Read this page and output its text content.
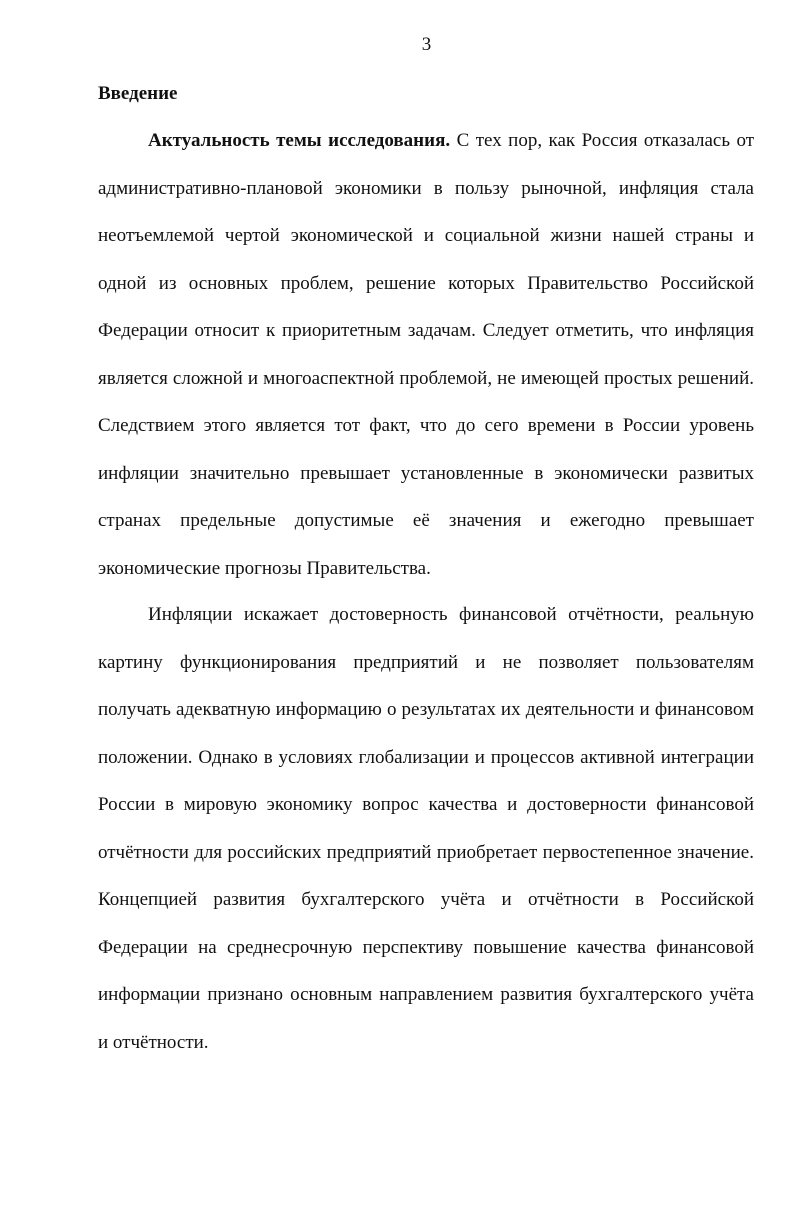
3
Введение

Актуальность темы исследования. С тех пор, как Россия отказалась от административно-плановой экономики в пользу рыночной, инфляция стала неотъемлемой чертой экономической и социальной жизни нашей страны и одной из основных проблем, решение которых Правительство Российской Федерации относит к приоритетным задачам. Следует отметить, что инфляция является сложной и многоаспектной проблемой, не имеющей простых решений. Следствием этого является тот факт, что до сего времени в России уровень инфляции значительно превышает установленные в экономически развитых странах предельные допустимые её значения и ежегодно превышает экономические прогнозы Правительства.

Инфляции искажает достоверность финансовой отчётности, реальную картину функционирования предприятий и не позволяет пользователям получать адекватную информацию о результатах их деятельности и финансовом положении. Однако в условиях глобализации и процессов активной интеграции России в мировую экономику вопрос качества и достоверности финансовой отчётности для российских предприятий приобретает первостепенное значение. Концепцией развития бухгалтерского учёта и отчётности в Российской Федерации на среднесрочную перспективу повышение качества финансовой информации признано основным направлением развития бухгалтерского учёта и отчётности.
